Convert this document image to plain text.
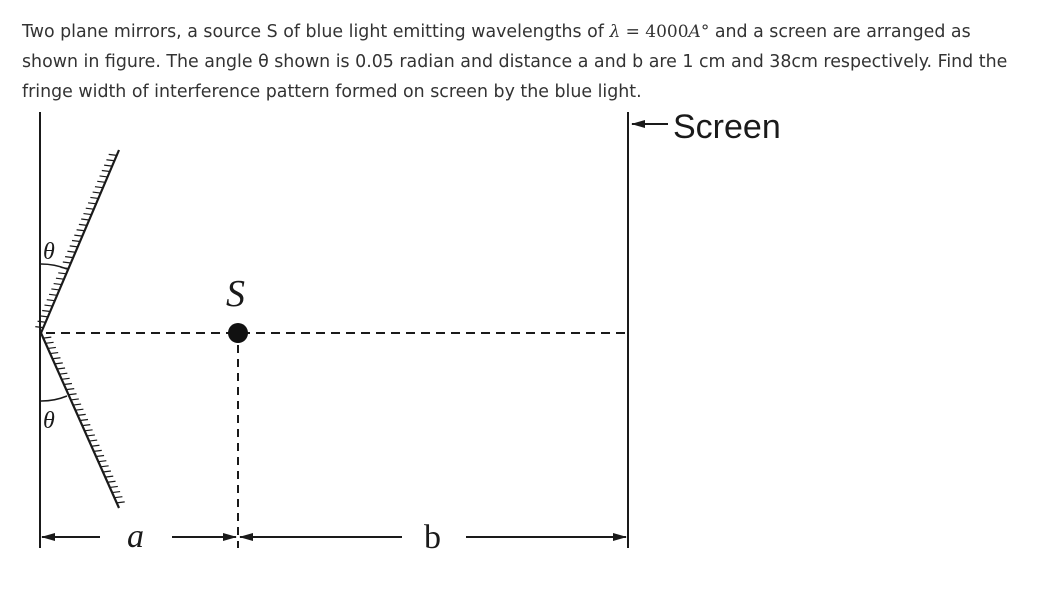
Two plane mirrors, a source S of blue light emitting wavelengths of λ = 4000A° and a screen are arranged as shown in figure. The angle θ shown is 0.05 radian and distance a and b are 1 cm and 38cm respectively. Find the fringe width of interference pattern formed on screen by the blue light.

θ
θ
S
Screen
a	b
